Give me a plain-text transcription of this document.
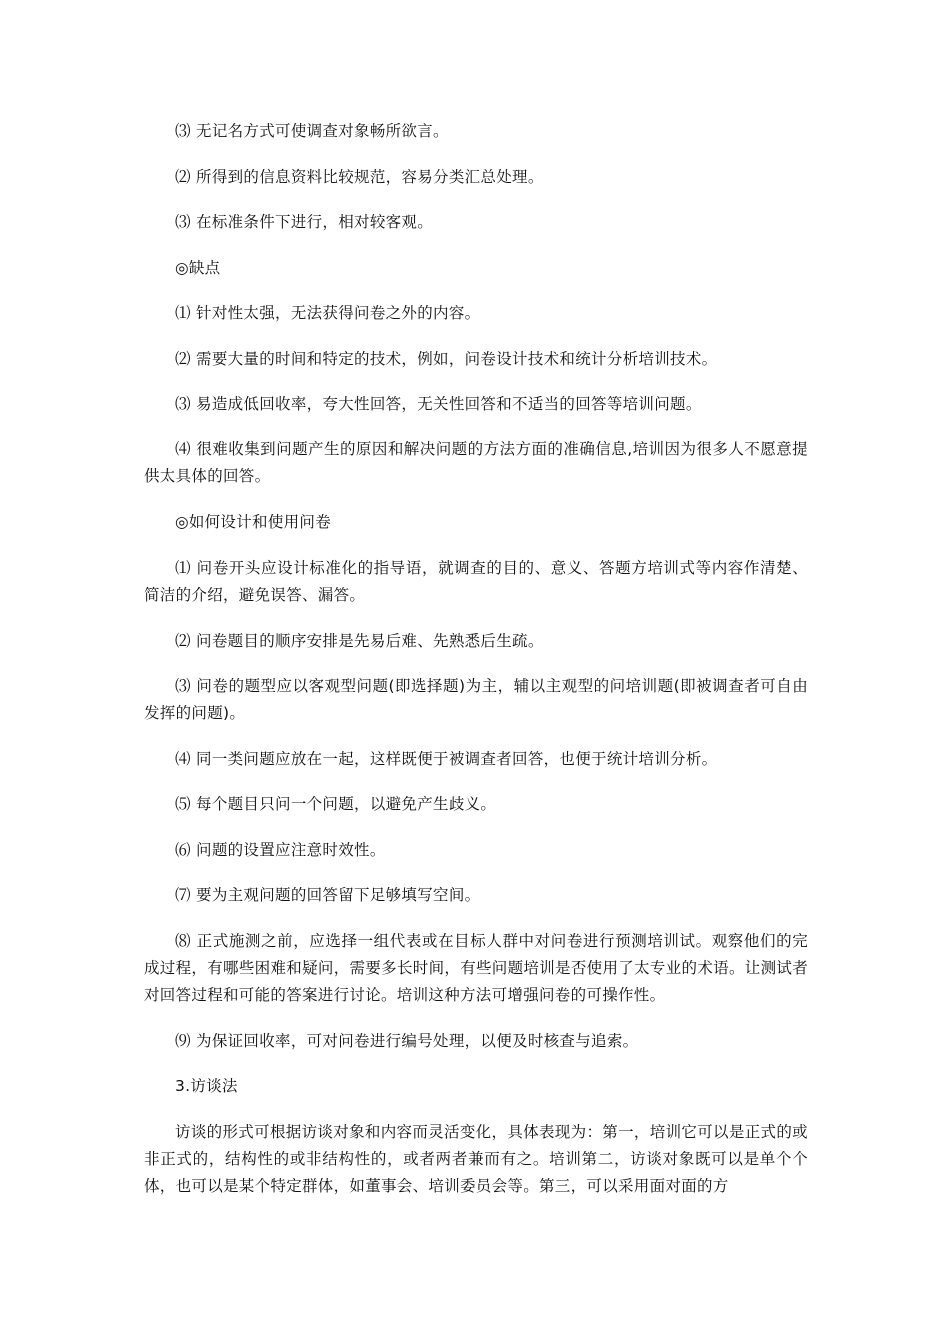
⑶ 无记名方式可使调查对象畅所欲言。

⑵ 所得到的信息资料比较规范，容易分类汇总处理。

⑶ 在标准条件下进行，相对较客观。

◎缺点

⑴ 针对性太强，无法获得问卷之外的内容。

⑵ 需要大量的时间和特定的技术，例如，问卷设计技术和统计分析培训技术。

⑶ 易造成低回收率，夸大性回答，无关性回答和不适当的回答等培训问题。

⑷ 很难收集到问题产生的原因和解决问题的方法方面的准确信息,培训因为很多人不愿意提供太具体的回答。

◎如何设计和使用问卷

⑴ 问卷开头应设计标准化的指导语，就调查的目的、意义、答题方培训式等内容作清楚、简洁的介绍，避免误答、漏答。

⑵ 问卷题目的顺序安排是先易后难、先熟悉后生疏。

⑶ 问卷的题型应以客观型问题(即选择题)为主，辅以主观型的问培训题(即被调查者可自由发挥的问题)。

⑷ 同一类问题应放在一起，这样既便于被调查者回答，也便于统计培训分析。

⑸ 每个题目只问一个问题，以避免产生歧义。

⑹ 问题的设置应注意时效性。

⑺ 要为主观问题的回答留下足够填写空间。

⑻ 正式施测之前，应选择一组代表或在目标人群中对问卷进行预测培训试。观察他们的完成过程，有哪些困难和疑问，需要多长时间，有些问题培训是否使用了太专业的术语。让测试者对回答过程和可能的答案进行讨论。培训这种方法可增强问卷的可操作性。

⑼ 为保证回收率，可对问卷进行编号处理，以便及时核查与追索。

3.访谈法

访谈的形式可根据访谈对象和内容而灵活变化，具体表现为：第一，培训它可以是正式的或非正式的，结构性的或非结构性的，或者两者兼而有之。培训第二，访谈对象既可以是单个个体，也可以是某个特定群体，如董事会、培训委员会等。第三，可以采用面对面的方
